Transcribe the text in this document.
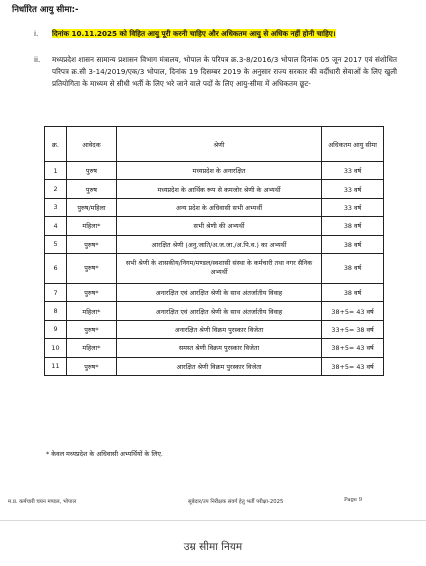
निर्धारित आयु सीमा:-
i. दिनांक 10.11.2025 को विहित आयु पूरी करनी चाहिए और अधिकतम आयु से अधिक नहीं होनी चाहिए।
ii. मध्यप्रदेश शासन सामान्य प्रशासन विभाग मंत्रालय, भोपाल के परिपत्र क्र.3-8/2016/3 भोपाल दिनांक 05 जून 2017 एवं संशोधित परिपत्र क्र.सी 3-14/2019/एक/3 भोपाल, दिनांक 19 दिसम्बर 2019 के अनुसार राज्य सरकार की वर्दीधारी सेवाओं के लिए खुली प्रतियोगिता के माध्यम से सीधी भर्ती के लिए भरे जाने वाले पदों के लिए आयु-सीमा में अधिकतम छूट-
क्र.	आवेदक	श्रेणी	अधिकतम आयु सीमा
1	पुरुष	मध्यप्रदेश के अनारक्षित	33 वर्ष
2	पुरुष	मध्यप्रदेश के आर्थिक रूप से कमजोर श्रेणी के अभ्यर्थी	33 वर्ष
3	पुरुष/महिला	अन्य प्रदेश के अधिवासी सभी अभ्यर्थी	33 वर्ष
4	महिला*	सभी श्रेणी की अभ्यर्थी	38 वर्ष
5	पुरुष*	आरक्षित श्रेणी (अनु.जाति/अ.ज.जा./अ.पि.व.) का अभ्यर्थी	38 वर्ष
6	पुरुष*	सभी श्रेणी के शासकीय/निगम/मण्डल/स्वशासी संस्था के कर्मचारी तथा नगर सैनिक अभ्यर्थी	38 वर्ष
7	पुरुष*	अनारक्षित एवं आरक्षित श्रेणी के साथ अंतर्जातीय विवाह	38 वर्ष
8	महिला*	अनारक्षित एवं आरक्षित श्रेणी के साथ अंतर्जातीय विवाह	38+5= 43 वर्ष
9	पुरुष*	अनारक्षित श्रेणी विक्रम पुरस्कार विजेता	33+5= 38 वर्ष
10	महिला*	समस्त श्रेणी विक्रम पुरस्कार विजेता	38+5= 43 वर्ष
11	पुरुष*	आरक्षित श्रेणी विक्रम पुरस्कार विजेता	38+5= 43 वर्ष
* केवल मध्यप्रदेश के अधिवासी अभ्यर्थियों के लिए.
म.प्र. कर्मचारी चयन मण्डल, भोपाल	सूबेदार/उप निरीक्षक संवर्ग हेतु भर्ती परीक्षा-2025	Page 9
उम्र सीमा नियम
